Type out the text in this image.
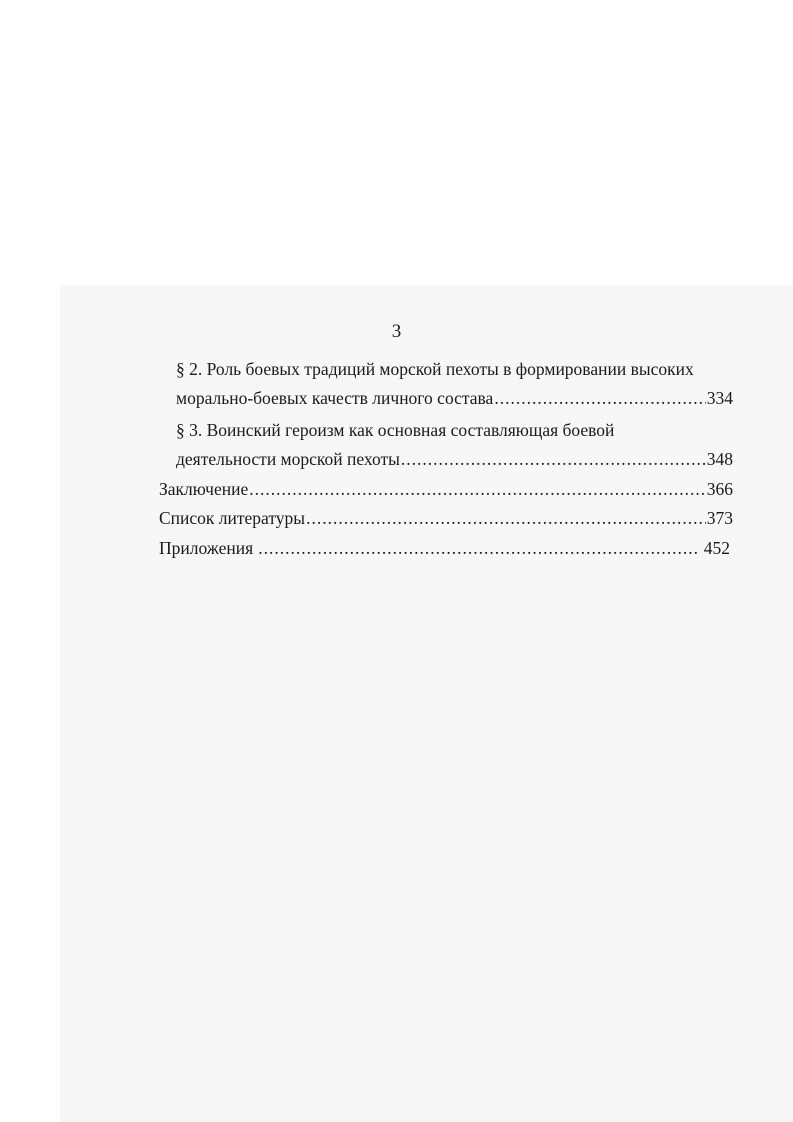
3
§ 2. Роль боевых традиций морской пехоты в формировании высоких
морально-боевых качеств личного состава .....	334
§ 3. Воинский героизм как основная составляющая боевой
деятельности морской пехоты .....	348
Заключение .....	366
Список литературы .....	373
Приложения .....	452
